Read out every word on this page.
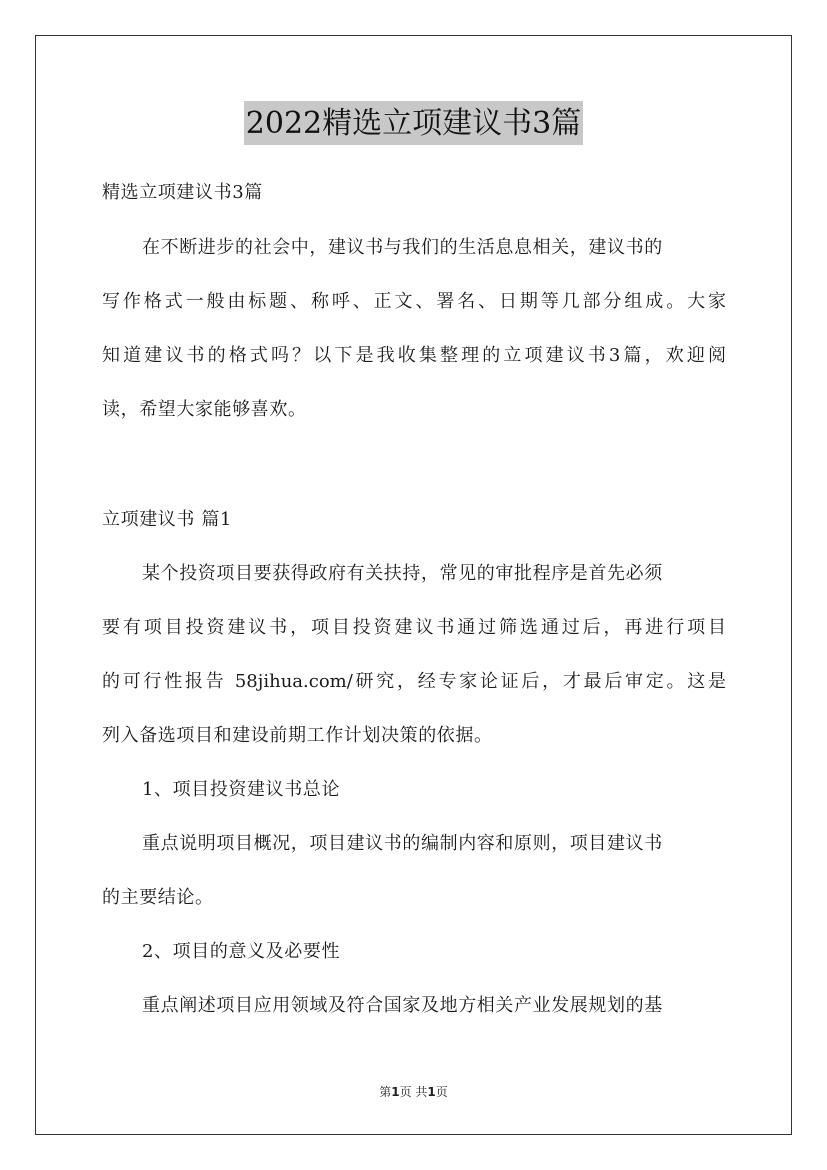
2022精选立项建议书3篇

精选立项建议书3篇

在不断进步的社会中，建议书与我们的生活息息相关，建议书的

写作格式一般由标题、称呼、正文、署名、日期等几部分组成。大家

知道建议书的格式吗？以下是我收集整理的立项建议书3篇，欢迎阅

读，希望大家能够喜欢。

立项建议书 篇1

某个投资项目要获得政府有关扶持，常见的审批程序是首先必须

要有项目投资建议书，项目投资建议书通过筛选通过后，再进行项目

的可行性报告 58jihua.com/研究，经专家论证后，才最后审定。这是

列入备选项目和建设前期工作计划决策的依据。

1、项目投资建议书总论

重点说明项目概况，项目建议书的编制内容和原则，项目建议书

的主要结论。

2、项目的意义及必要性

重点阐述项目应用领域及符合国家及地方相关产业发展规划的基

第1页 共1页
